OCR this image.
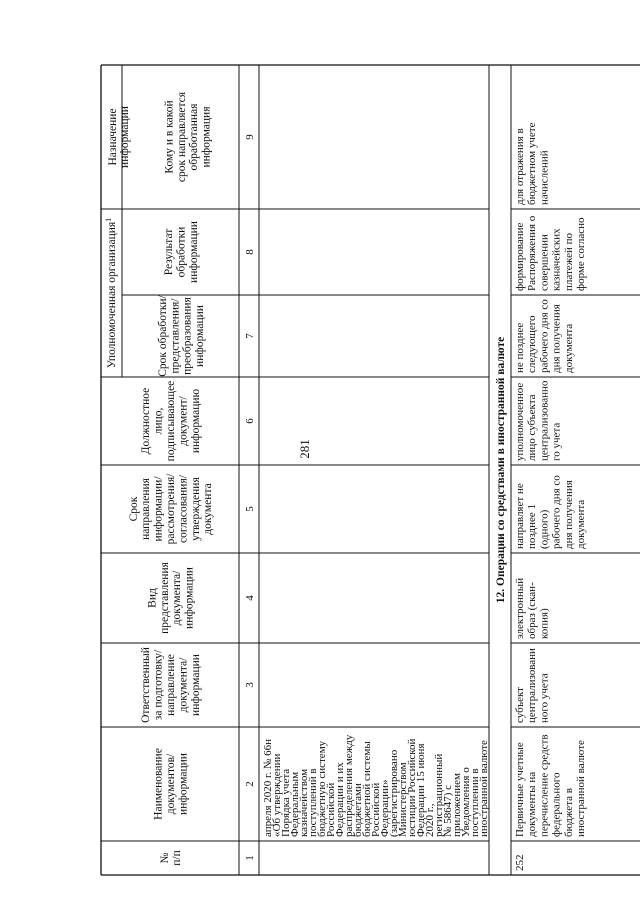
281
№п/п
Наименованиедокументов/информации
Ответственныйза подготовку/направлениедокумента/информации
Видпредставлениядокумента/информации
Срокнаправленияинформации/рассмотрения/согласования/утверждениядокумента
Должностноелицо,подписывающеедокумент/информацию
Срок обработки/представления/преобразованияинформации
Результатобработкиинформации
Назначениеинформации	Кому и в какойсрок направляетсяобработаннаяинформация
Уполномоченная организация$^1$
1
2
3
4
5
6
7
8
9
апреля 2020 г. № 66н«Об утвержденииПорядка учетаФедеральнымказначействомпоступлений вбюджетную системуРоссийскойФедерации и ихраспределения междубюджетамибюджетной системыРоссийскойФедерации»(зарегистрированоМинистерствомюстиции РоссийскойФедерации 15 июня2020 г.,регистрационный№ 58647) сприложениемУведомления опоступлении виностранной валюте
12. Операции со средствами в иностранной валюте
252
Первичные учетныедокументы наперечисление средствфедеральногобюджета виностранной валюте
субъектцентрализованиного учета
электронныйобраз (скан-копия)
направляет непозднее 1(одного)рабочего дня содня получениядокумента
уполномоченноелицо субъектацентрализованного учета
не позднееследующегорабочего дня содня получениядокумента
формированиеРаспоряжения осовершенииказначейскихплатежей поформе согласно
для отражения вбюджетном учетеначислений
